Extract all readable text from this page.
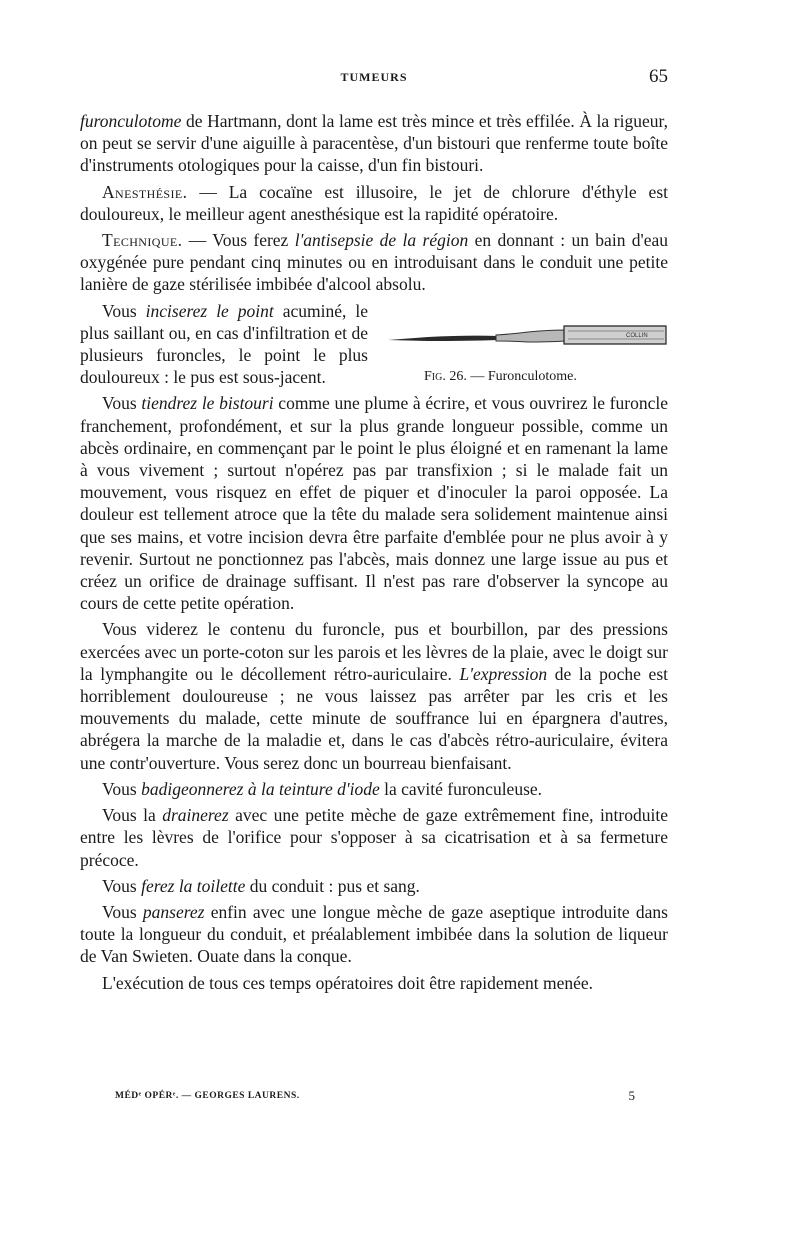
TUMEURS	65

furonculotome de Hartmann, dont la lame est très mince et très effilée. À la rigueur, on peut se servir d'une aiguille à paracentèse, d'un bistouri que renferme toute boîte d'instruments otologiques pour la caisse, d'un fin bistouri.

Anesthésie. — La cocaïne est illusoire, le jet de chlorure d'éthyle est douloureux, le meilleur agent anesthésique est la rapidité opératoire.

Technique. — Vous ferez l'antisepsie de la région en donnant : un bain d'eau oxygénée pure pendant cinq minutes ou en introduisant dans le conduit une petite lanière de gaze stérilisée imbibée d'alcool absolu.

COLLIN
Fig. 26. — Furonculotome.

Vous inciserez le point acuminé, le plus saillant ou, en cas d'infiltration et de plusieurs furoncles, le point le plus douloureux : le pus est sous-jacent.

Vous tiendrez le bistouri comme une plume à écrire, et vous ouvrirez le furoncle franchement, profondément, et sur la plus grande longueur possible, comme un abcès ordinaire, en commençant par le point le plus éloigné et en ramenant la lame à vous vivement ; surtout n'opérez pas par transfixion ; si le malade fait un mouvement, vous risquez en effet de piquer et d'inoculer la paroi opposée. La douleur est tellement atroce que la tête du malade sera solidement maintenue ainsi que ses mains, et votre incision devra être parfaite d'emblée pour ne plus avoir à y revenir. Surtout ne ponctionnez pas l'abcès, mais donnez une large issue au pus et créez un orifice de drainage suffisant. Il n'est pas rare d'observer la syncope au cours de cette petite opération.

Vous viderez le contenu du furoncle, pus et bourbillon, par des pressions exercées avec un porte-coton sur les parois et les lèvres de la plaie, avec le doigt sur la lymphangite ou le décollement rétro-auriculaire. L'expression de la poche est horriblement douloureuse ; ne vous laissez pas arrêter par les cris et les mouvements du malade, cette minute de souffrance lui en épargnera d'autres, abrégera la marche de la maladie et, dans le cas d'abcès rétro-auriculaire, évitera une contr'ouverture. Vous serez donc un bourreau bienfaisant.

Vous badigeonnerez à la teinture d'iode la cavité furonculeuse.

Vous la drainerez avec une petite mèche de gaze extrêmement fine, introduite entre les lèvres de l'orifice pour s'opposer à sa cicatrisation et à sa fermeture précoce.

Vous ferez la toilette du conduit : pus et sang.

Vous panserez enfin avec une longue mèche de gaze aseptique introduite dans toute la longueur du conduit, et préalablement imbibée dans la solution de liqueur de Van Swieten. Ouate dans la conque.

L'exécution de tous ces temps opératoires doit être rapidement menée.

MÉDᵉ OPÉRᵉ. — GEORGES LAURENS.	5
